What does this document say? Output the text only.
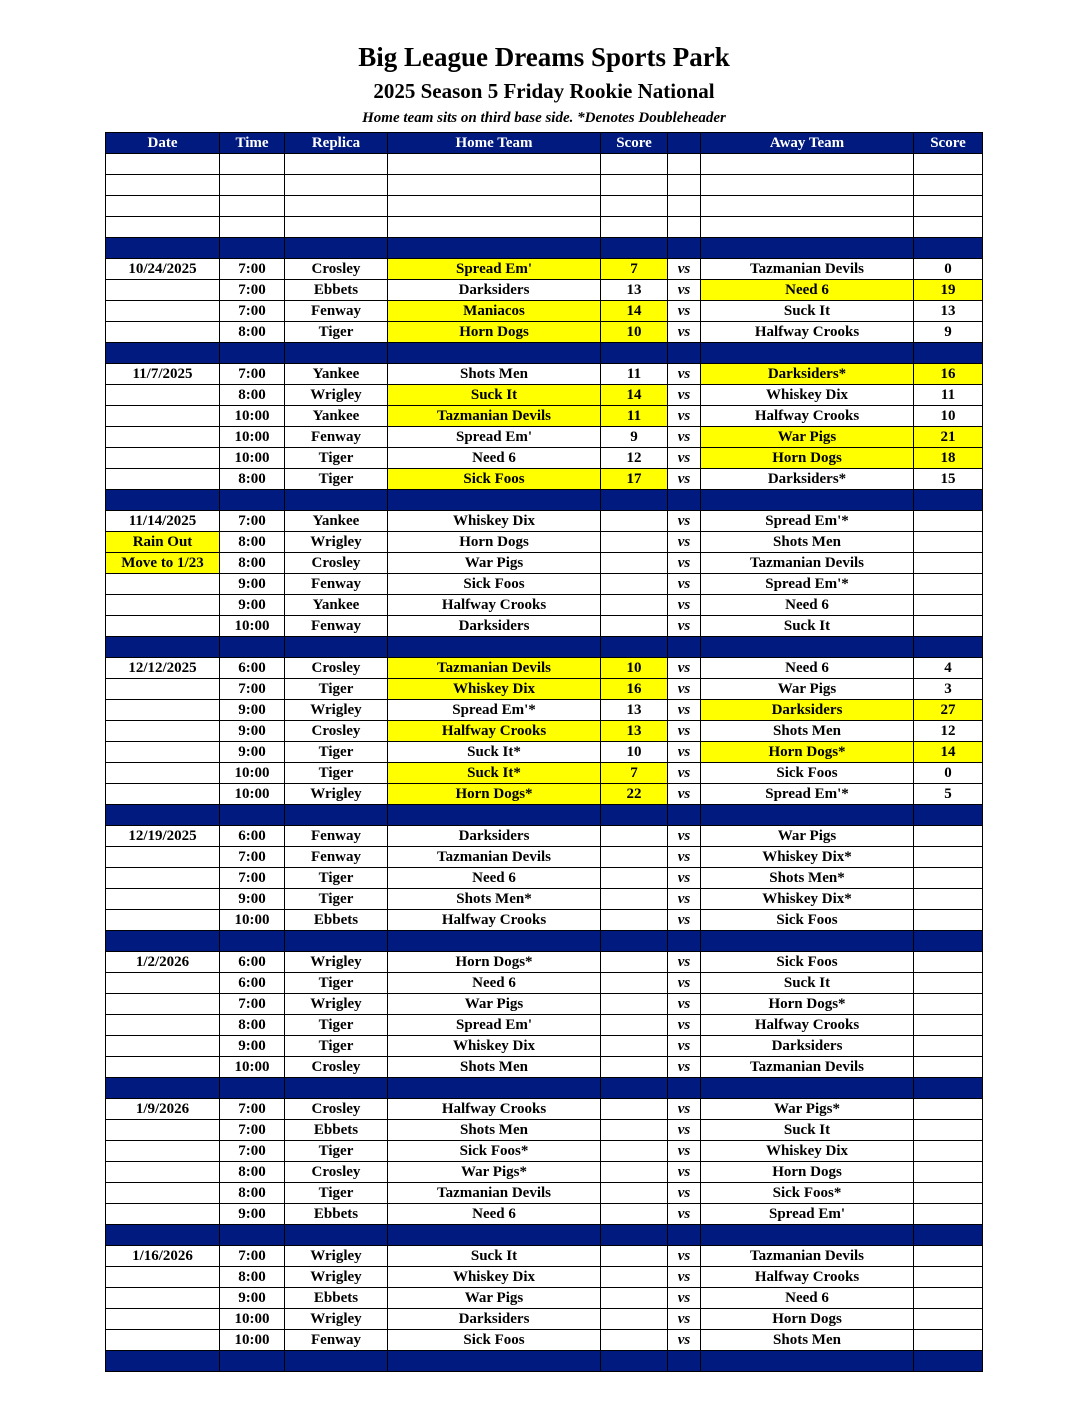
Big League Dreams Sports Park
2025 Season 5 Friday Rookie National
Home team sits on third base side. *Denotes Doubleheader
Date	Time	Replica	Home Team	Score		Away Team	Score

10/24/2025	7:00	Crosley	Spread Em'	7	vs	Tazmanian Devils	0
	7:00	Ebbets	Darksiders	13	vs	Need 6	19
	7:00	Fenway	Maniacos	14	vs	Suck It	13
	8:00	Tiger	Horn Dogs	10	vs	Halfway Crooks	9

11/7/2025	7:00	Yankee	Shots Men	11	vs	Darksiders*	16
	8:00	Wrigley	Suck It	14	vs	Whiskey Dix	11
	10:00	Yankee	Tazmanian Devils	11	vs	Halfway Crooks	10
	10:00	Fenway	Spread Em'	9	vs	War Pigs	21
	10:00	Tiger	Need 6	12	vs	Horn Dogs	18
	8:00	Tiger	Sick Foos	17	vs	Darksiders*	15

11/14/2025	7:00	Yankee	Whiskey Dix		vs	Spread Em'*	
Rain Out	8:00	Wrigley	Horn Dogs		vs	Shots Men	
Move to 1/23	8:00	Crosley	War Pigs		vs	Tazmanian Devils	
	9:00	Fenway	Sick Foos		vs	Spread Em'*	
	9:00	Yankee	Halfway Crooks		vs	Need 6	
	10:00	Fenway	Darksiders		vs	Suck It	

12/12/2025	6:00	Crosley	Tazmanian Devils	10	vs	Need 6	4
	7:00	Tiger	Whiskey Dix	16	vs	War Pigs	3
	9:00	Wrigley	Spread Em'*	13	vs	Darksiders	27
	9:00	Crosley	Halfway Crooks	13	vs	Shots Men	12
	9:00	Tiger	Suck It*	10	vs	Horn Dogs*	14
	10:00	Tiger	Suck It*	7	vs	Sick Foos	0
	10:00	Wrigley	Horn Dogs*	22	vs	Spread Em'*	5

12/19/2025	6:00	Fenway	Darksiders		vs	War Pigs	
	7:00	Fenway	Tazmanian Devils		vs	Whiskey Dix*	
	7:00	Tiger	Need 6		vs	Shots Men*	
	9:00	Tiger	Shots Men*		vs	Whiskey Dix*	
	10:00	Ebbets	Halfway Crooks		vs	Sick Foos	

1/2/2026	6:00	Wrigley	Horn Dogs*		vs	Sick Foos	
	6:00	Tiger	Need 6		vs	Suck It	
	7:00	Wrigley	War Pigs		vs	Horn Dogs*	
	8:00	Tiger	Spread Em'		vs	Halfway Crooks	
	9:00	Tiger	Whiskey Dix		vs	Darksiders	
	10:00	Crosley	Shots Men		vs	Tazmanian Devils	

1/9/2026	7:00	Crosley	Halfway Crooks		vs	War Pigs*	
	7:00	Ebbets	Shots Men		vs	Suck It	
	7:00	Tiger	Sick Foos*		vs	Whiskey Dix	
	8:00	Crosley	War Pigs*		vs	Horn Dogs	
	8:00	Tiger	Tazmanian Devils		vs	Sick Foos*	
	9:00	Ebbets	Need 6		vs	Spread Em'	

1/16/2026	7:00	Wrigley	Suck It		vs	Tazmanian Devils	
	8:00	Wrigley	Whiskey Dix		vs	Halfway Crooks	
	9:00	Ebbets	War Pigs		vs	Need 6	
	10:00	Wrigley	Darksiders		vs	Horn Dogs	
	10:00	Fenway	Sick Foos		vs	Shots Men	
